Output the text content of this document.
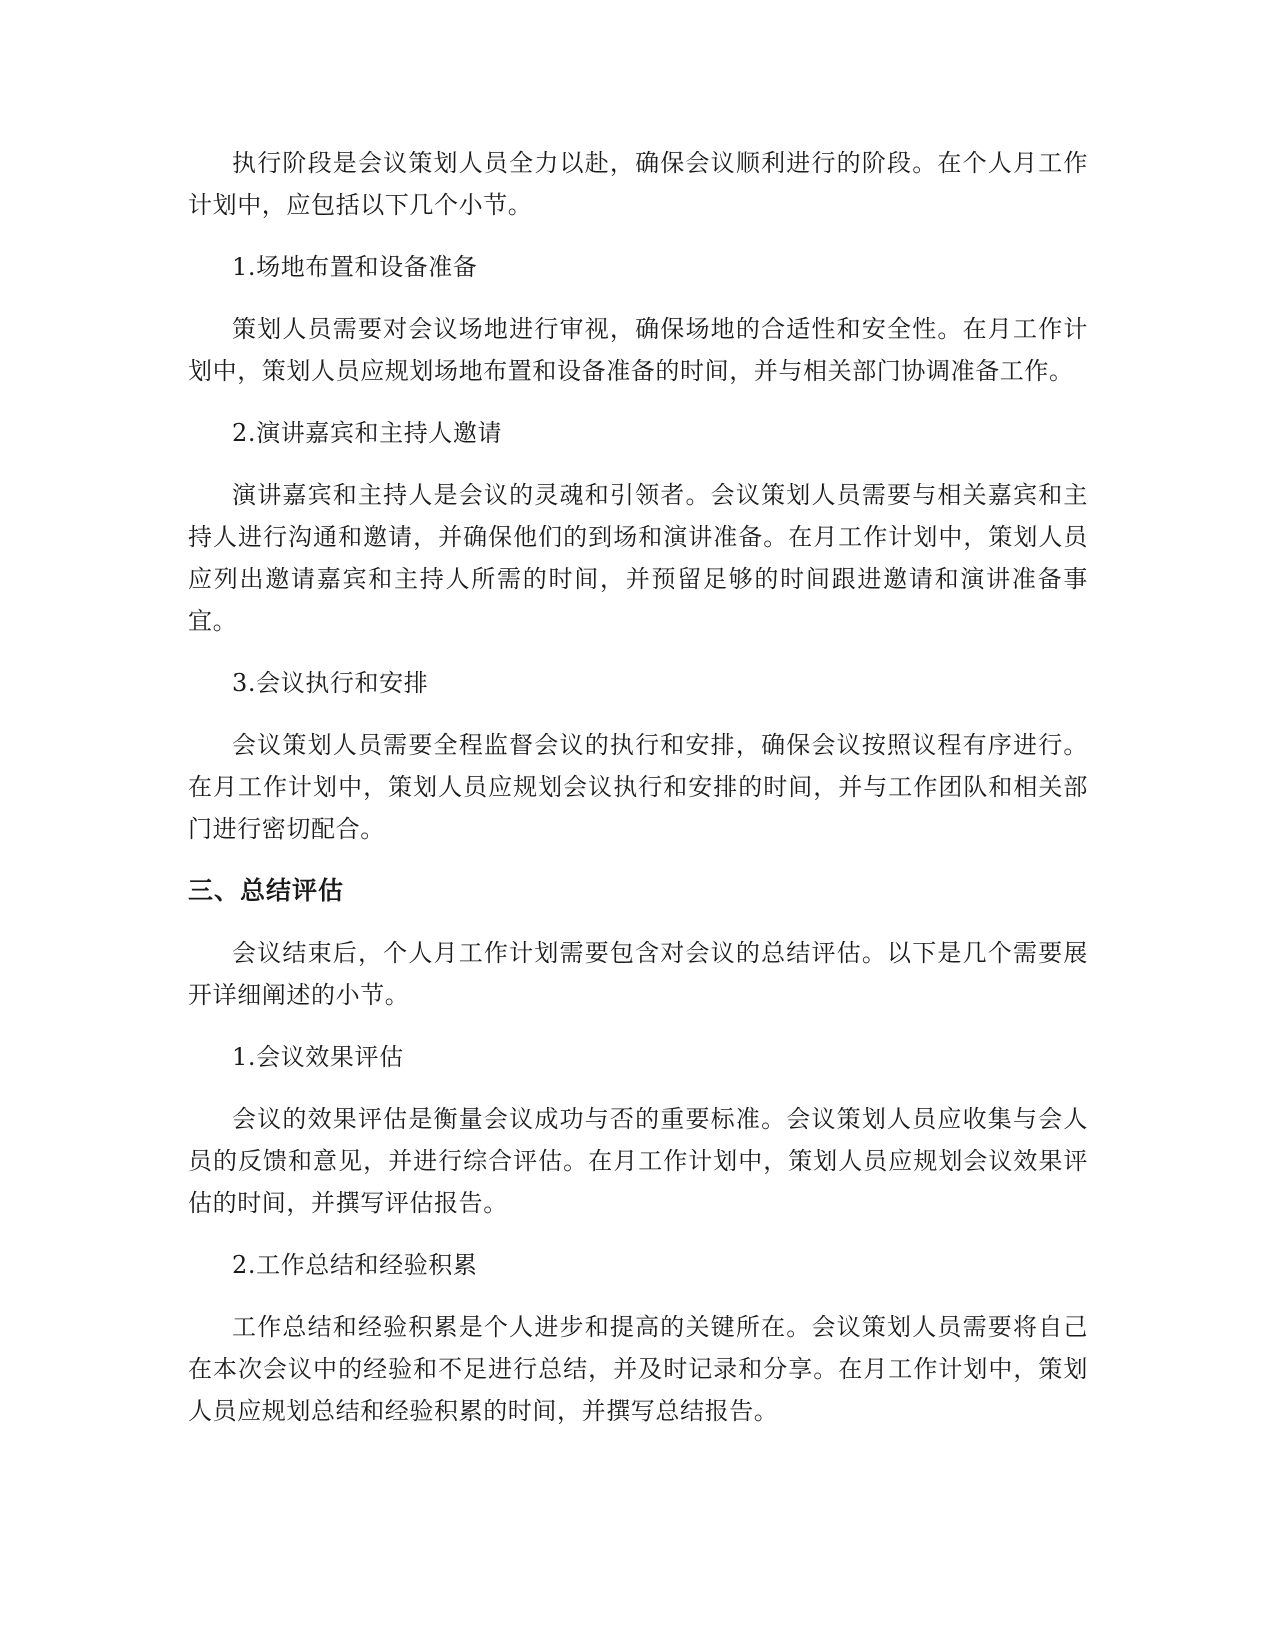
执行阶段是会议策划人员全力以赴，确保会议顺利进行的阶段。在个人月工作计划中，应包括以下几个小节。

1.场地布置和设备准备

策划人员需要对会议场地进行审视，确保场地的合适性和安全性。在月工作计划中，策划人员应规划场地布置和设备准备的时间，并与相关部门协调准备工作。

2.演讲嘉宾和主持人邀请

演讲嘉宾和主持人是会议的灵魂和引领者。会议策划人员需要与相关嘉宾和主持人进行沟通和邀请，并确保他们的到场和演讲准备。在月工作计划中，策划人员应列出邀请嘉宾和主持人所需的时间，并预留足够的时间跟进邀请和演讲准备事宜。

3.会议执行和安排

会议策划人员需要全程监督会议的执行和安排，确保会议按照议程有序进行。在月工作计划中，策划人员应规划会议执行和安排的时间，并与工作团队和相关部门进行密切配合。

三、总结评估

会议结束后，个人月工作计划需要包含对会议的总结评估。以下是几个需要展开详细阐述的小节。

1.会议效果评估

会议的效果评估是衡量会议成功与否的重要标准。会议策划人员应收集与会人员的反馈和意见，并进行综合评估。在月工作计划中，策划人员应规划会议效果评估的时间，并撰写评估报告。

2.工作总结和经验积累

工作总结和经验积累是个人进步和提高的关键所在。会议策划人员需要将自己在本次会议中的经验和不足进行总结，并及时记录和分享。在月工作计划中，策划人员应规划总结和经验积累的时间，并撰写总结报告。
